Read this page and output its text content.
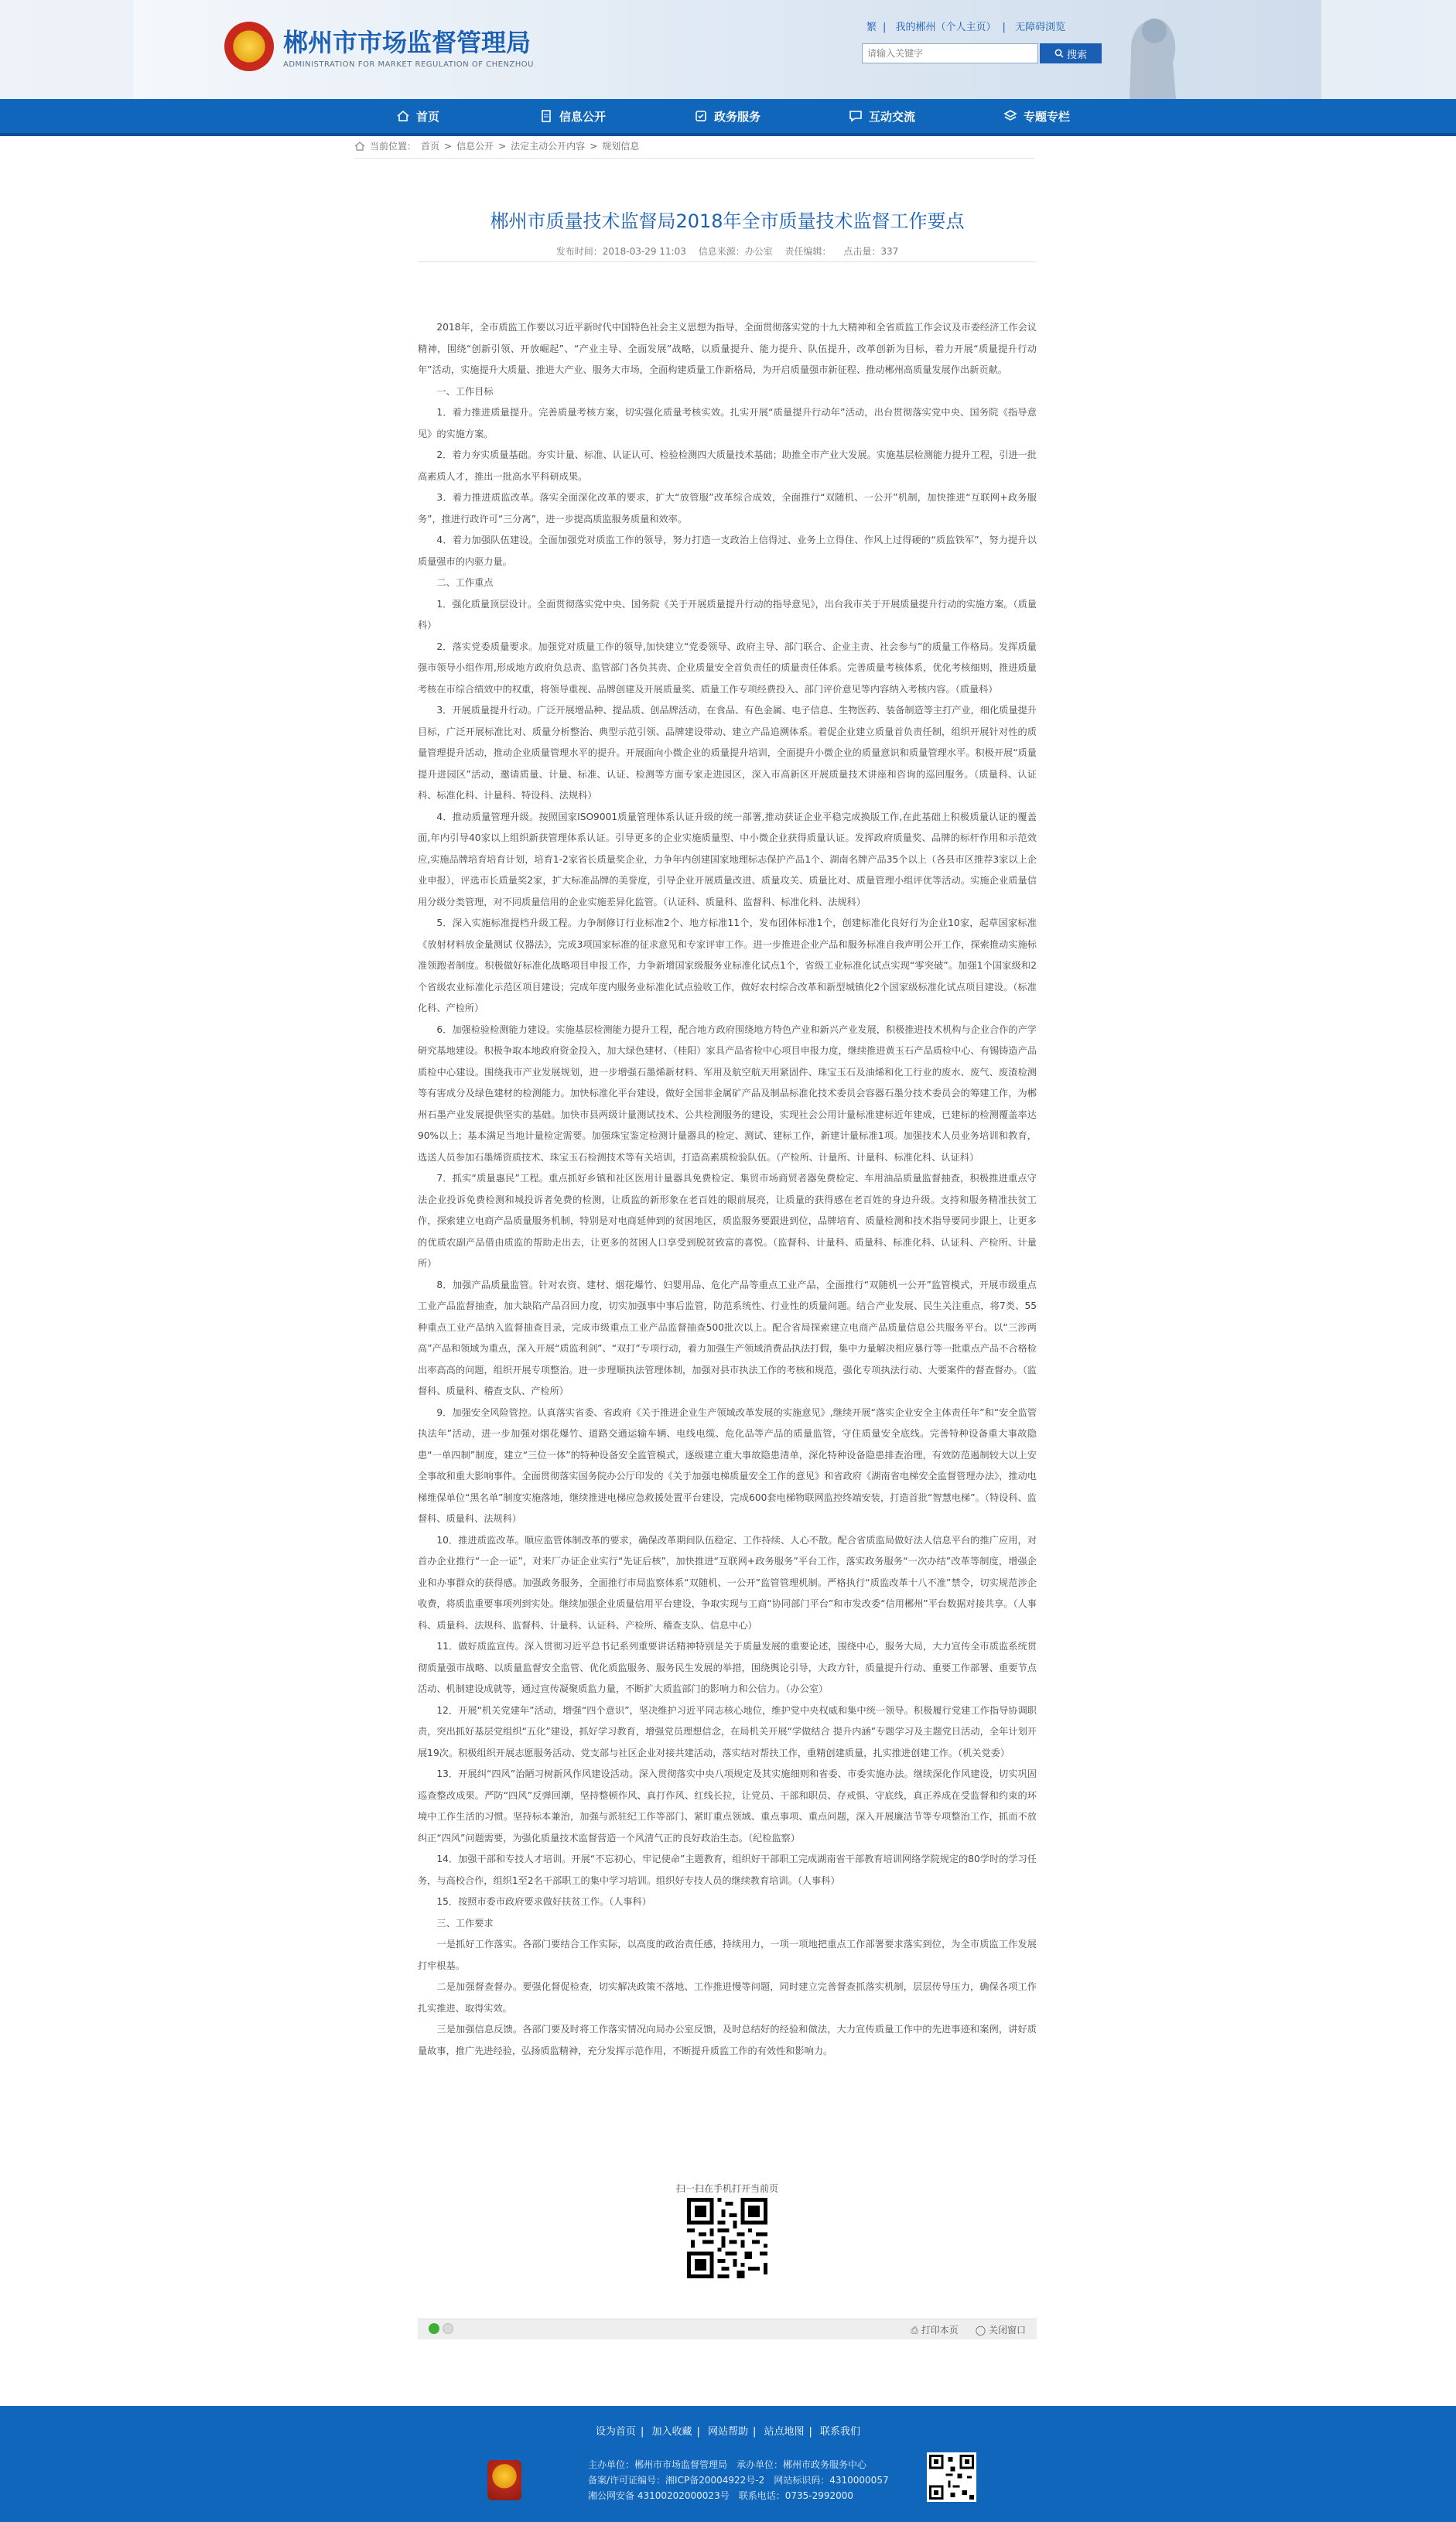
郴州市市场监督管理局
ADMINISTRATION FOR MARKET REGULATION OF CHENZHOU
繁 | 我的郴州（个人主页） | 无障碍浏览
请输入关键字
搜索
首页	信息公开	政务服务	互动交流	专题专栏
当前位置： 首页 > 信息公开 > 法定主动公开内容 > 规划信息
郴州市质量技术监督局2018年全市质量技术监督工作要点
发布时间：2018-03-29 11:03 信息来源：办公室 责任编辑： 点击量：337

2018年，全市质监工作要以习近平新时代中国特色社会主义思想为指导，全面贯彻落实党的十九大精神和全省质监工作会议及市委经济工作会议精神，围绕“创新引领、开放崛起”、“产业主导、全面发展”战略，以质量提升、能力提升、队伍提升，改革创新为目标，着力开展“质量提升行动年”活动，实施提升大质量、推进大产业、服务大市场，全面构建质量工作新格局，为开启质量强市新征程、推动郴州高质量发展作出新贡献。

一、工作目标

1．着力推进质量提升。完善质量考核方案，切实强化质量考核实效。扎实开展“质量提升行动年”活动，出台贯彻落实党中央、国务院《指导意见》的实施方案。

2．着力夯实质量基础。夯实计量、标准、认证认可、检验检测四大质量技术基础；助推全市产业大发展。实施基层检测能力提升工程，引进一批高素质人才，推出一批高水平科研成果。

3．着力推进质监改革。落实全面深化改革的要求，扩大“放管服”改革综合成效，全面推行“双随机、一公开”机制，加快推进“互联网+政务服务”，推进行政许可“三分离”，进一步提高质监服务质量和效率。

4．着力加强队伍建设。全面加强党对质监工作的领导，努力打造一支政治上信得过、业务上立得住、作风上过得硬的“质监铁军”，努力提升以质量强市的内驱力量。

二、工作重点

1．强化质量顶层设计。全面贯彻落实党中央、国务院《关于开展质量提升行动的指导意见》，出台我市关于开展质量提升行动的实施方案。（质量科）

2．落实党委质量要求。加强党对质量工作的领导,加快建立“党委领导、政府主导、部门联合、企业主责、社会参与”的质量工作格局。发挥质量强市领导小组作用,形成地方政府负总责、监管部门各负其责、企业质量安全首负责任的质量责任体系。完善质量考核体系，优化考核细则，推进质量考核在市综合绩效中的权重，将领导重视、品牌创建及开展质量奖、质量工作专项经费投入、部门评价意见等内容纳入考核内容。（质量科）

3．开展质量提升行动。广泛开展增品种、提品质、创品牌活动，在食品、有色金属、电子信息、生物医药、装备制造等主打产业，细化质量提升目标，广泛开展标准比对、质量分析整治、典型示范引领、品牌建设带动、建立产品追溯体系。着促企业建立质量首负责任制，组织开展针对性的质量管理提升活动，推动企业质量管理水平的提升。开展面向小微企业的质量提升培训，全面提升小微企业的质量意识和质量管理水平。积极开展“质量提升进园区”活动，邀请质量、计量、标准、认证、检测等方面专家走进园区，深入市高新区开展质量技术讲座和咨询的巡回服务。（质量科、认证科、标准化科、计量科、特设科、法规科）

4．推动质量管理升级。按照国家ISO9001质量管理体系认证升级的统一部署,推动获证企业平稳完成换版工作,在此基础上积极质量认证的覆盖面,年内引导40家以上组织新获管理体系认证。引导更多的企业实施质量型、中小微企业获得质量认证。发挥政府质量奖、品牌的标杆作用和示范效应,实施品牌培育培育计划，培育1-2家省长质量奖企业，力争年内创建国家地理标志保护产品1个、湖南名牌产品35个以上（各县市区推荐3家以上企业申报），评选市长质量奖2家，扩大标准品牌的美誉度，引导企业开展质量改进、质量攻关、质量比对、质量管理小组评优等活动。实施企业质量信用分级分类管理，对不同质量信用的企业实施差异化监管。（认证科、质量科、监督科、标准化科、法规科）

5．深入实施标准提档升级工程。力争制修订行业标准2个、地方标准11个，发布团体标准1个，创建标准化良好行为企业10家，起草国家标准《放射材料放金量测试 仪器法》，完成3项国家标准的征求意见和专家评审工作。进一步推进企业产品和服务标准自我声明公开工作，探索推动实施标准领跑者制度。积极做好标准化战略项目申报工作，力争新增国家级服务业标准化试点1个，省级工业标准化试点实现“零突破”。加强1个国家级和2个省级农业标准化示范区项目建设；完成年度内服务业标准化试点验收工作，做好农村综合改革和新型城镇化2个国家级标准化试点项目建设。（标准化科、产检所）

6．加强检验检测能力建设。实施基层检测能力提升工程，配合地方政府围绕地方特色产业和新兴产业发展，积极推进技术机构与企业合作的产学研究基地建设。积极争取本地政府资金投入，加大绿色建材、（桂阳）家具产品省检中心项目申报力度，继续推进黄玉石产品质检中心、有锡铸造产品质检中心建设。围绕我市产业发展规划，进一步增强石墨烯新材料、军用及航空航天用紧固件、珠宝玉石及油烯和化工行业的废水、废气、废渣检测等有害成分及绿色建材的检测能力。加快标准化平台建设，做好全国非金属矿产品及制品标准化技术委员会容器石墨分技术委员会的筹建工作，为郴州石墨产业发展提供坚实的基础。加快市县两级计量测试技术、公共检测服务的建设，实现社会公用计量标准建标近年建成，已建标的检测覆盖率达90%以上；基本满足当地计量检定需要。加强珠宝鉴定检测计量器具的检定、测试、建标工作，新建计量标准1项。加强技术人员业务培训和教育，选送人员参加石墨烯资质技术、珠宝玉石检测技术等有关培训，打造高素质检验队伍。（产检所、计量所、计量科、标准化科、认证科）

7．抓实“质量惠民”工程。重点抓好乡镇和社区医用计量器具免费检定、集贸市场商贸者器免费检定、车用油品质量监督抽查，积极推进重点守法企业投诉免费检测和城投诉者免费的检测，让质监的新形象在老百姓的眼前展亮，让质量的获得感在老百姓的身边升级。支持和服务精准扶贫工作，探索建立电商产品质量服务机制，特别是对电商延伸到的贫困地区，质监服务要跟进到位，品牌培育、质量检测和技术指导要同步跟上，让更多的优质农副产品借由质监的帮助走出去，让更多的贫困人口享受到脱贫致富的喜悦。（监督科、计量科、质量科、标准化科、认证科、产检所、计量所）

8．加强产品质量监管。针对农资、建材、烟花爆竹、妇婴用品、危化产品等重点工业产品，全面推行“双随机一公开”监管模式，开展市级重点工业产品监督抽查，加大缺陷产品召回力度，切实加强事中事后监管，防范系统性、行业性的质量问题。结合产业发展、民生关注重点，将7类、55种重点工业产品纳入监督抽查目录，完成市级重点工业产品监督抽查500批次以上。配合省局探索建立电商产品质量信息公共服务平台。以“三涉两高”产品和领域为重点，深入开展“质监利剑”、“双打”专项行动，着力加强生产领域消费品执法打假，集中力量解决相应暴行等一批重点产品不合格检出率高高的问题，组织开展专项整治。进一步理顺执法管理体制，加强对县市执法工作的考核和规范，强化专项执法行动、大要案件的督查督办。（监督科、质量科、稽查支队、产检所）

9．加强安全风险管控。认真落实省委、省政府《关于推进企业生产领域改革发展的实施意见》,继续开展“落实企业安全主体责任年”和“安全监管执法年”活动，进一步加强对烟花爆竹、道路交通运输车辆、电线电缆、危化品等产品的质量监管，守住质量安全底线。完善特种设备重大事故隐患“一单四制”制度，建立“三位一体”的特种设备安全监管模式，逐级建立重大事故隐患清单，深化特种设备隐患排查治理，有效防范遏制较大以上安全事故和重大影响事件。全面贯彻落实国务院办公厅印发的《关于加强电梯质量安全工作的意见》和省政府《湖南省电梯安全监督管理办法》，推动电梯维保单位“黑名单”制度实施落地，继续推进电梯应急救援处置平台建设，完成600套电梯物联网监控终端安装，打造首批“智慧电梯”。（特设科、监督科、质量科、法规科）

10．推进质监改革。顺应监管体制改革的要求，确保改革期间队伍稳定、工作持续、人心不散。配合省质监局做好法人信息平台的推广应用，对首办企业推行“一企一证”，对来厂办证企业实行“先证后核”，加快推进“互联网+政务服务”平台工作，落实政务服务“一次办结”改革等制度，增强企业和办事群众的获得感。加强政务服务，全面推行市局监察体系“双随机、一公开”监管管理机制。严格执行“质监改革十八不准”禁令，切实规范涉企收费，将质监重要事项列到实处。继续加强企业质量信用平台建设，争取实现与工商“协同部门平台”和市发改委“信用郴州”平台数据对接共享。（人事科、质量科、法规科、监督科、计量科、认证科、产检所、稽查支队、信息中心）

11．做好质监宣传。深入贯彻习近平总书记系列重要讲话精神特别是关于质量发展的重要论述，围绕中心，服务大局，大力宣传全市质监系统贯彻质量强市战略、以质量监督安全监管、优化质监服务、服务民生发展的举措，围绕舆论引导，大政方针，质量提升行动、重要工作部署、重要节点活动、机制建设成就等，通过宣传凝聚质监力量，不断扩大质监部门的影响力和公信力。（办公室）

12．开展“机关党建年”活动，增强“四个意识”，坚决维护习近平同志核心地位，维护党中央权威和集中统一领导。积极履行党建工作指导协调职责，突出抓好基层党组织“五化”建设，抓好学习教育，增强党员理想信念，在局机关开展“学做结合 提升内涵”专题学习及主题党日活动，全年计划开展19次。积极组织开展志愿服务活动、党支部与社区企业对接共建活动，落实结对帮扶工作，重精创建质量，扎实推进创建工作。（机关党委）

13．开展纠“四风”治陋习树新风作风建设活动。深入贯彻落实中央八项规定及其实施细则和省委、市委实施办法。继续深化作风建设，切实巩固巡查整改成果。严防“四风”反弹回潮，坚持整顿作风、真打作风、红线长拉，让党员、干部和职员、存戒惧、守底线，真正养成在受监督和约束的环境中工作生活的习惯。坚持标本兼治，加强与派驻纪工作等部门、紧盯重点领域、重点事项、重点问题，深入开展廉洁节等专项整治工作，抓而不放纠正“四风”问题需要，为强化质量技术监督营造一个风清气正的良好政治生态。（纪检监察）

14．加强干部和专技人才培训。开展“不忘初心，牢记使命”主题教育，组织好干部职工完成湖南省干部教育培训网络学院规定的80学时的学习任务，与高校合作，组织1至2名干部职工的集中学习培训。组织好专技人员的继续教育培训。（人事科）

15．按照市委市政府要求做好扶贫工作。（人事科）

三、工作要求

一是抓好工作落实。各部门要结合工作实际，以高度的政治责任感，持续用力，一项一项地把重点工作部署要求落实到位，为全市质监工作发展打牢根基。

二是加强督查督办。要强化督促检查，切实解决政策不落地、工作推进慢等问题，同时建立完善督查抓落实机制，层层传导压力，确保各项工作扎实推进、取得实效。

三是加强信息反馈。各部门要及时将工作落实情况向局办公室反馈，及时总结好的经验和做法，大力宣传质量工作中的先进事迹和案例，讲好质量故事，推广先进经验，弘扬质监精神，充分发挥示范作用，不断提升质监工作的有效性和影响力。

扫一扫在手机打开当前页
⎙ 打印本页 ◯ 关闭窗口
设为首页 | 加入收藏 | 网站帮助 | 站点地图 | 联系我们
主办单位：郴州市市场监督管理局　承办单位：郴州市政务服务中心
备案/许可证编号：湘ICP备20004922号-2　网站标识码：4310000057
湘公网安备 43100202000023号　联系电话：0735-2992000
